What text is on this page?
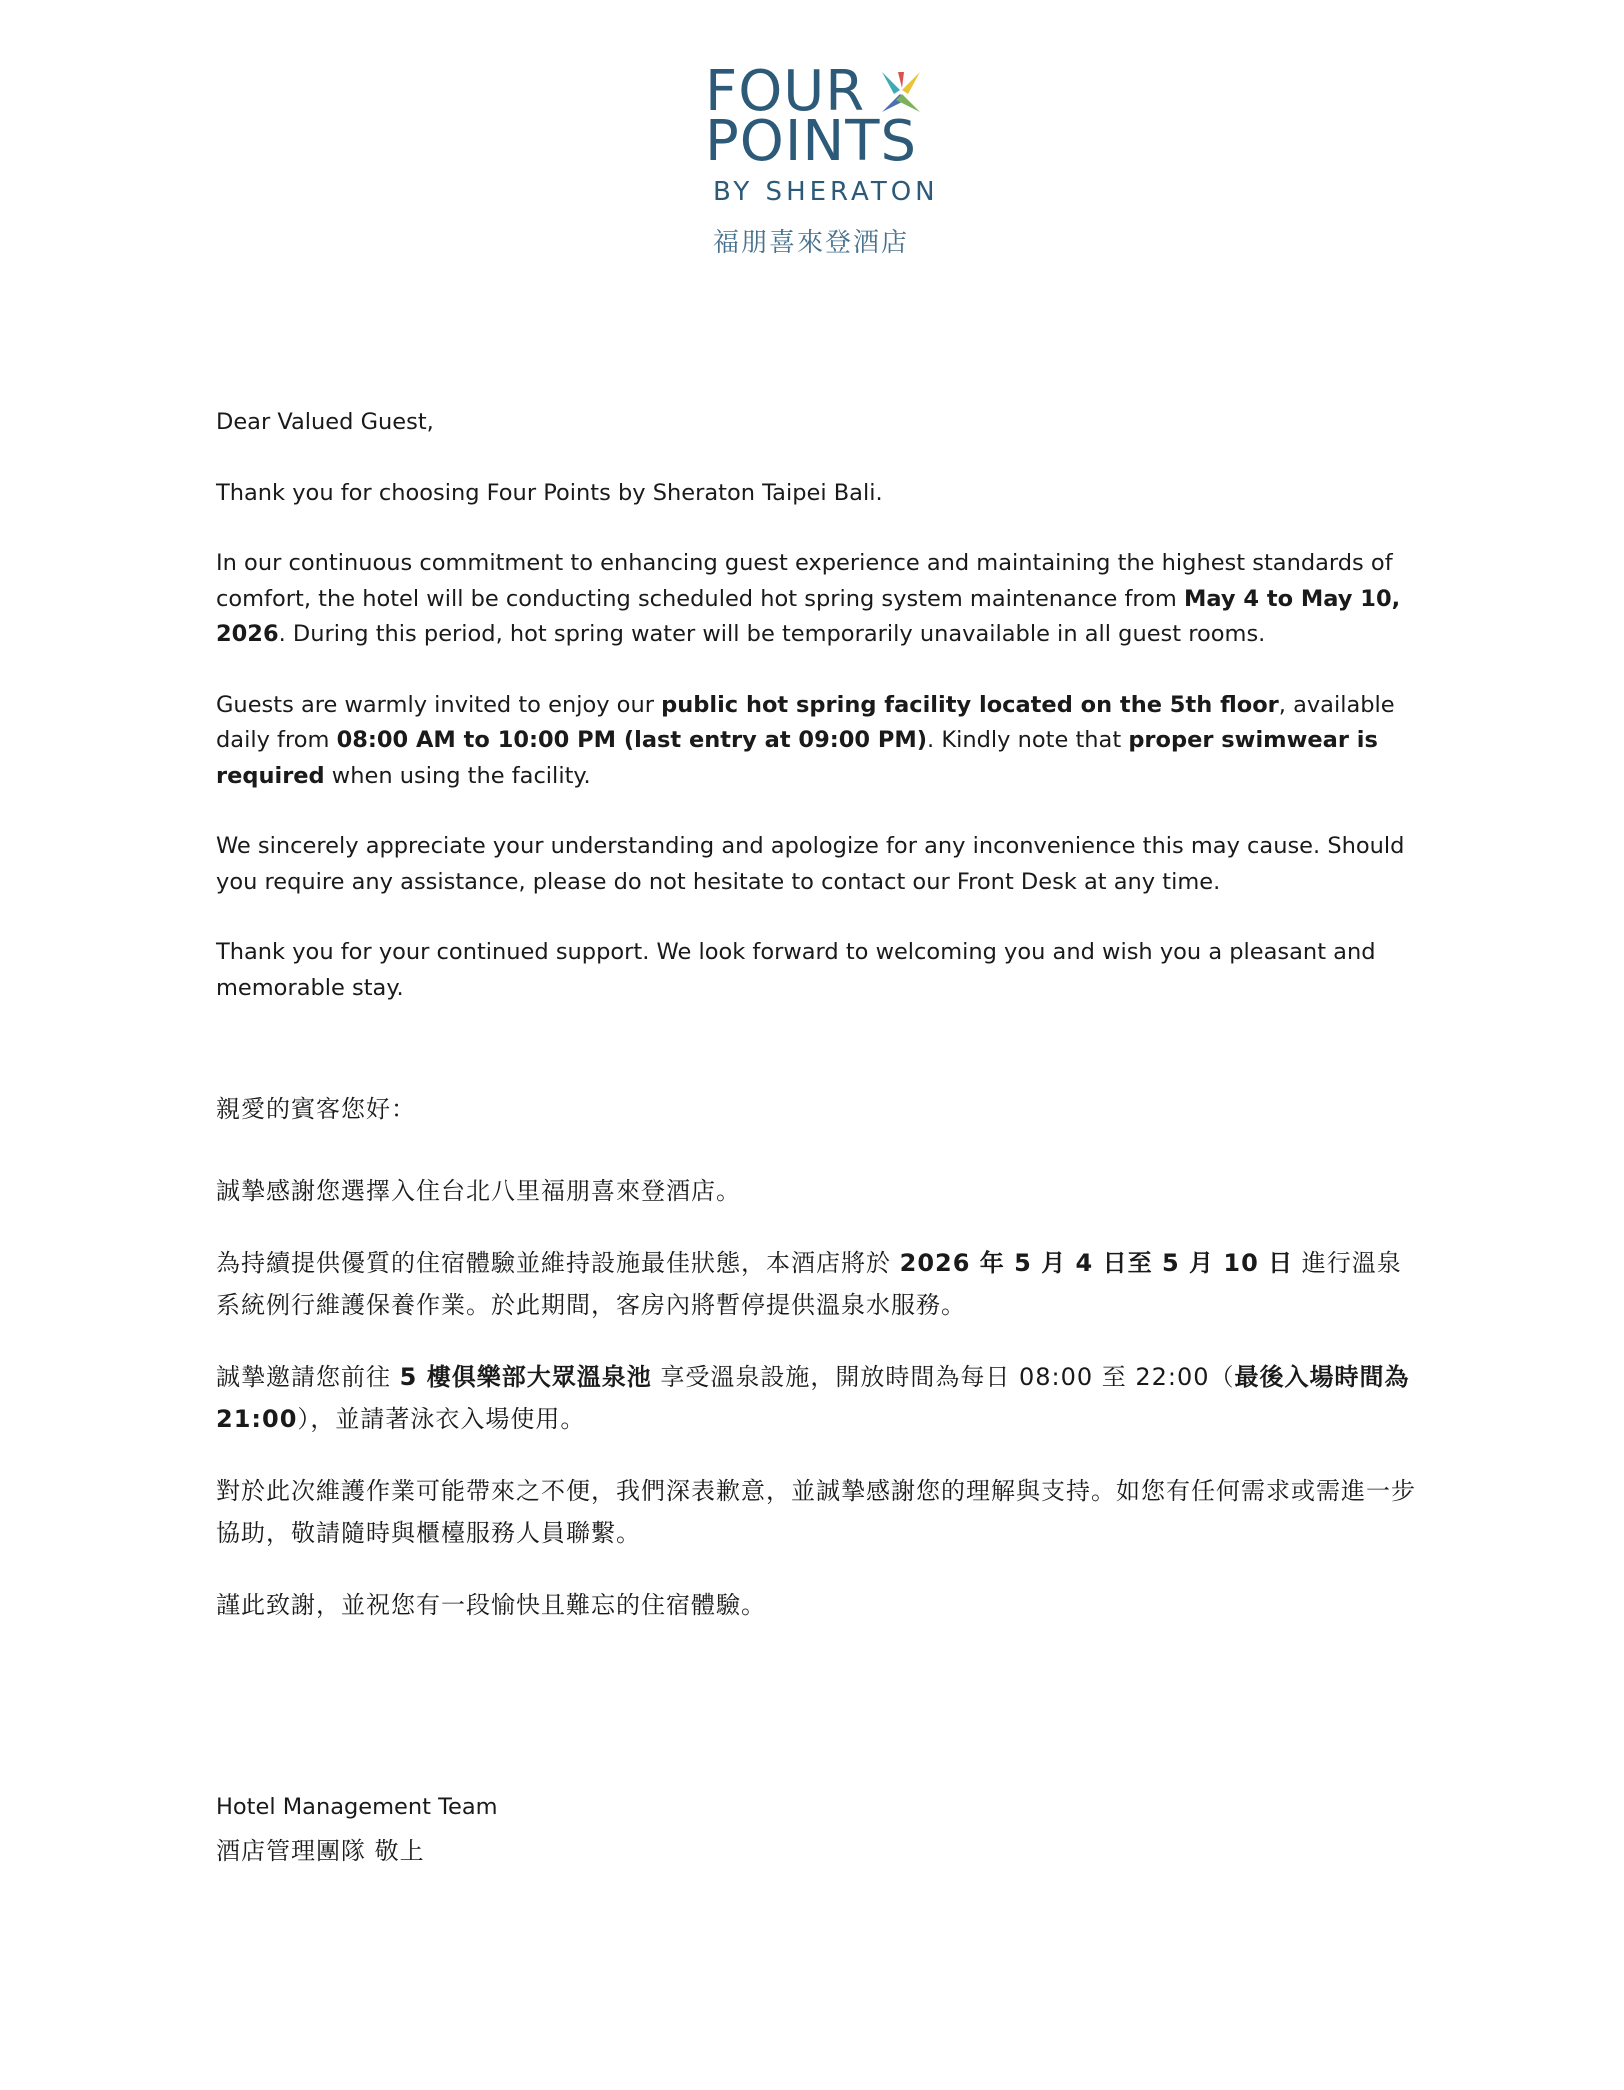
FOUR
POINTS
BY SHERATON
福朋喜來登酒店

Dear Valued Guest,

Thank you for choosing Four Points by Sheraton Taipei Bali.

In our continuous commitment to enhancing guest experience and maintaining the highest standards of comfort, the hotel will be conducting scheduled hot spring system maintenance from May 4 to May 10, 2026. During this period, hot spring water will be temporarily unavailable in all guest rooms.

Guests are warmly invited to enjoy our public hot spring facility located on the 5th floor, available daily from 08:00 AM to 10:00 PM (last entry at 09:00 PM). Kindly note that proper swimwear is required when using the facility.

We sincerely appreciate your understanding and apologize for any inconvenience this may cause. Should you require any assistance, please do not hesitate to contact our Front Desk at any time.

Thank you for your continued support. We look forward to welcoming you and wish you a pleasant and memorable stay.

親愛的賓客您好：

誠摯感謝您選擇入住台北八里福朋喜來登酒店。

為持續提供優質的住宿體驗並維持設施最佳狀態，本酒店將於 2026 年 5 月 4 日至 5 月 10 日 進行溫泉系統例行維護保養作業。於此期間，客房內將暫停提供溫泉水服務。

誠摯邀請您前往 5 樓俱樂部大眾溫泉池 享受溫泉設施，開放時間為每日 08:00 至 22:00（最後入場時間為 21:00），並請著泳衣入場使用。

對於此次維護作業可能帶來之不便，我們深表歉意，並誠摯感謝您的理解與支持。如您有任何需求或需進一步協助，敬請隨時與櫃檯服務人員聯繫。

謹此致謝，並祝您有一段愉快且難忘的住宿體驗。

Hotel Management Team

酒店管理團隊 敬上
